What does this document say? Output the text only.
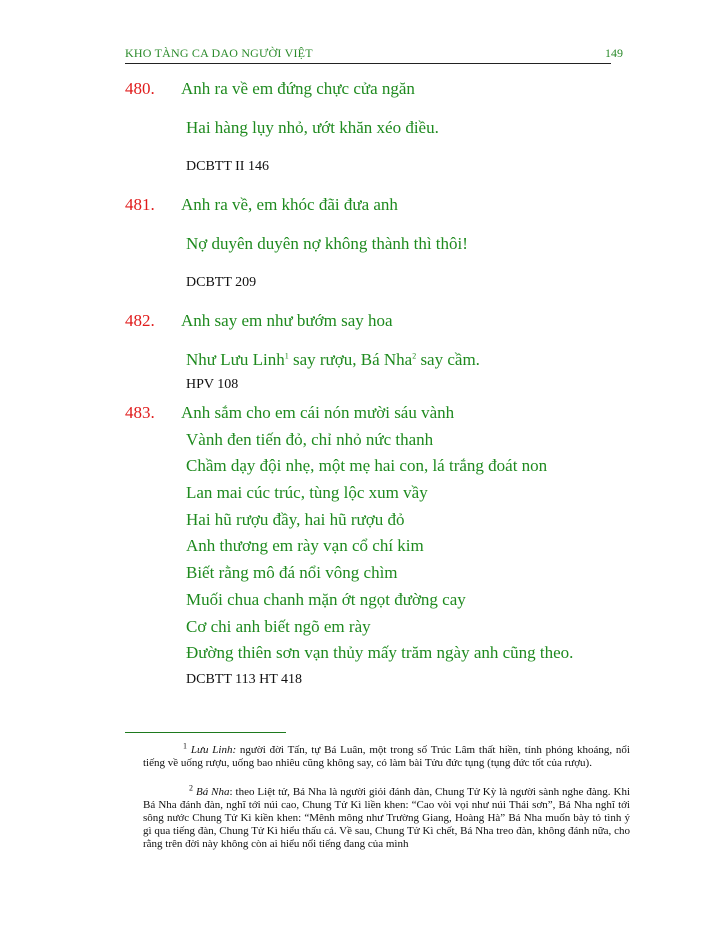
KHO TÀNG CA DAO NGƯỜI VIỆT	149
480. Anh ra về em đứng chực cửa ngăn
Hai hàng lụy nhỏ, ướt khăn xéo điều.
DCBTT II 146
481. Anh ra về, em khóc đãi đưa anh
Nợ duyên duyên nợ không thành thì thôi!
DCBTT 209
482. Anh say em như bướm say hoa
Như Lưu Linh$^1$ say rượu, Bá Nha$^2$ say cầm.
HPV 108
483. Anh sắm cho em cái nón mười sáu vành
Vành đen tiến đỏ, chỉ nhỏ nức thanh
Chầm dạy đội nhẹ, một mẹ hai con, lá trắng đoát non
Lan mai cúc trúc, tùng lộc xum vầy
Hai hũ rượu đầy, hai hũ rượu đỏ
Anh thương em rày vạn cổ chí kim
Biết rằng mô đá nổi vông chìm
Muối chua chanh mặn ớt ngọt đường cay
Cơ chi anh biết ngõ em rày
Đường thiên sơn vạn thủy mấy trăm ngày anh cũng theo.
DCBTT 113 HT 418
$^1$ Lưu Linh: người đời Tấn, tự Bá Luân, một trong số Trúc Lâm thất hiền, tính phóng khoáng, nổi tiếng về uống rượu, uống bao nhiêu cũng không say, có làm bài Tửu đức tụng (tụng đức tốt của rượu).
$^2$ Bá Nha: theo Liệt tử, Bá Nha là người giỏi đánh đàn, Chung Tử Kỳ là người sành nghe đàng. Khi Bá Nha đánh đàn, nghĩ tới núi cao, Chung Tử Kì liền khen: “Cao vòi vọi như núi Thái sơn”, Bá Nha nghĩ tới sông nước Chung Tử Kì kiền khen: “Mênh mông như Trường Giang, Hoàng Hà” Bá Nha muốn bày tỏ tình ý gì qua tiếng đàn, Chung Tử Kì hiểu thấu cả. Về sau, Chung Tử Kì chết, Bá Nha treo đàn, không đánh nữa, cho rằng trên đời này không còn ai hiểu nổi tiếng đang của mình
